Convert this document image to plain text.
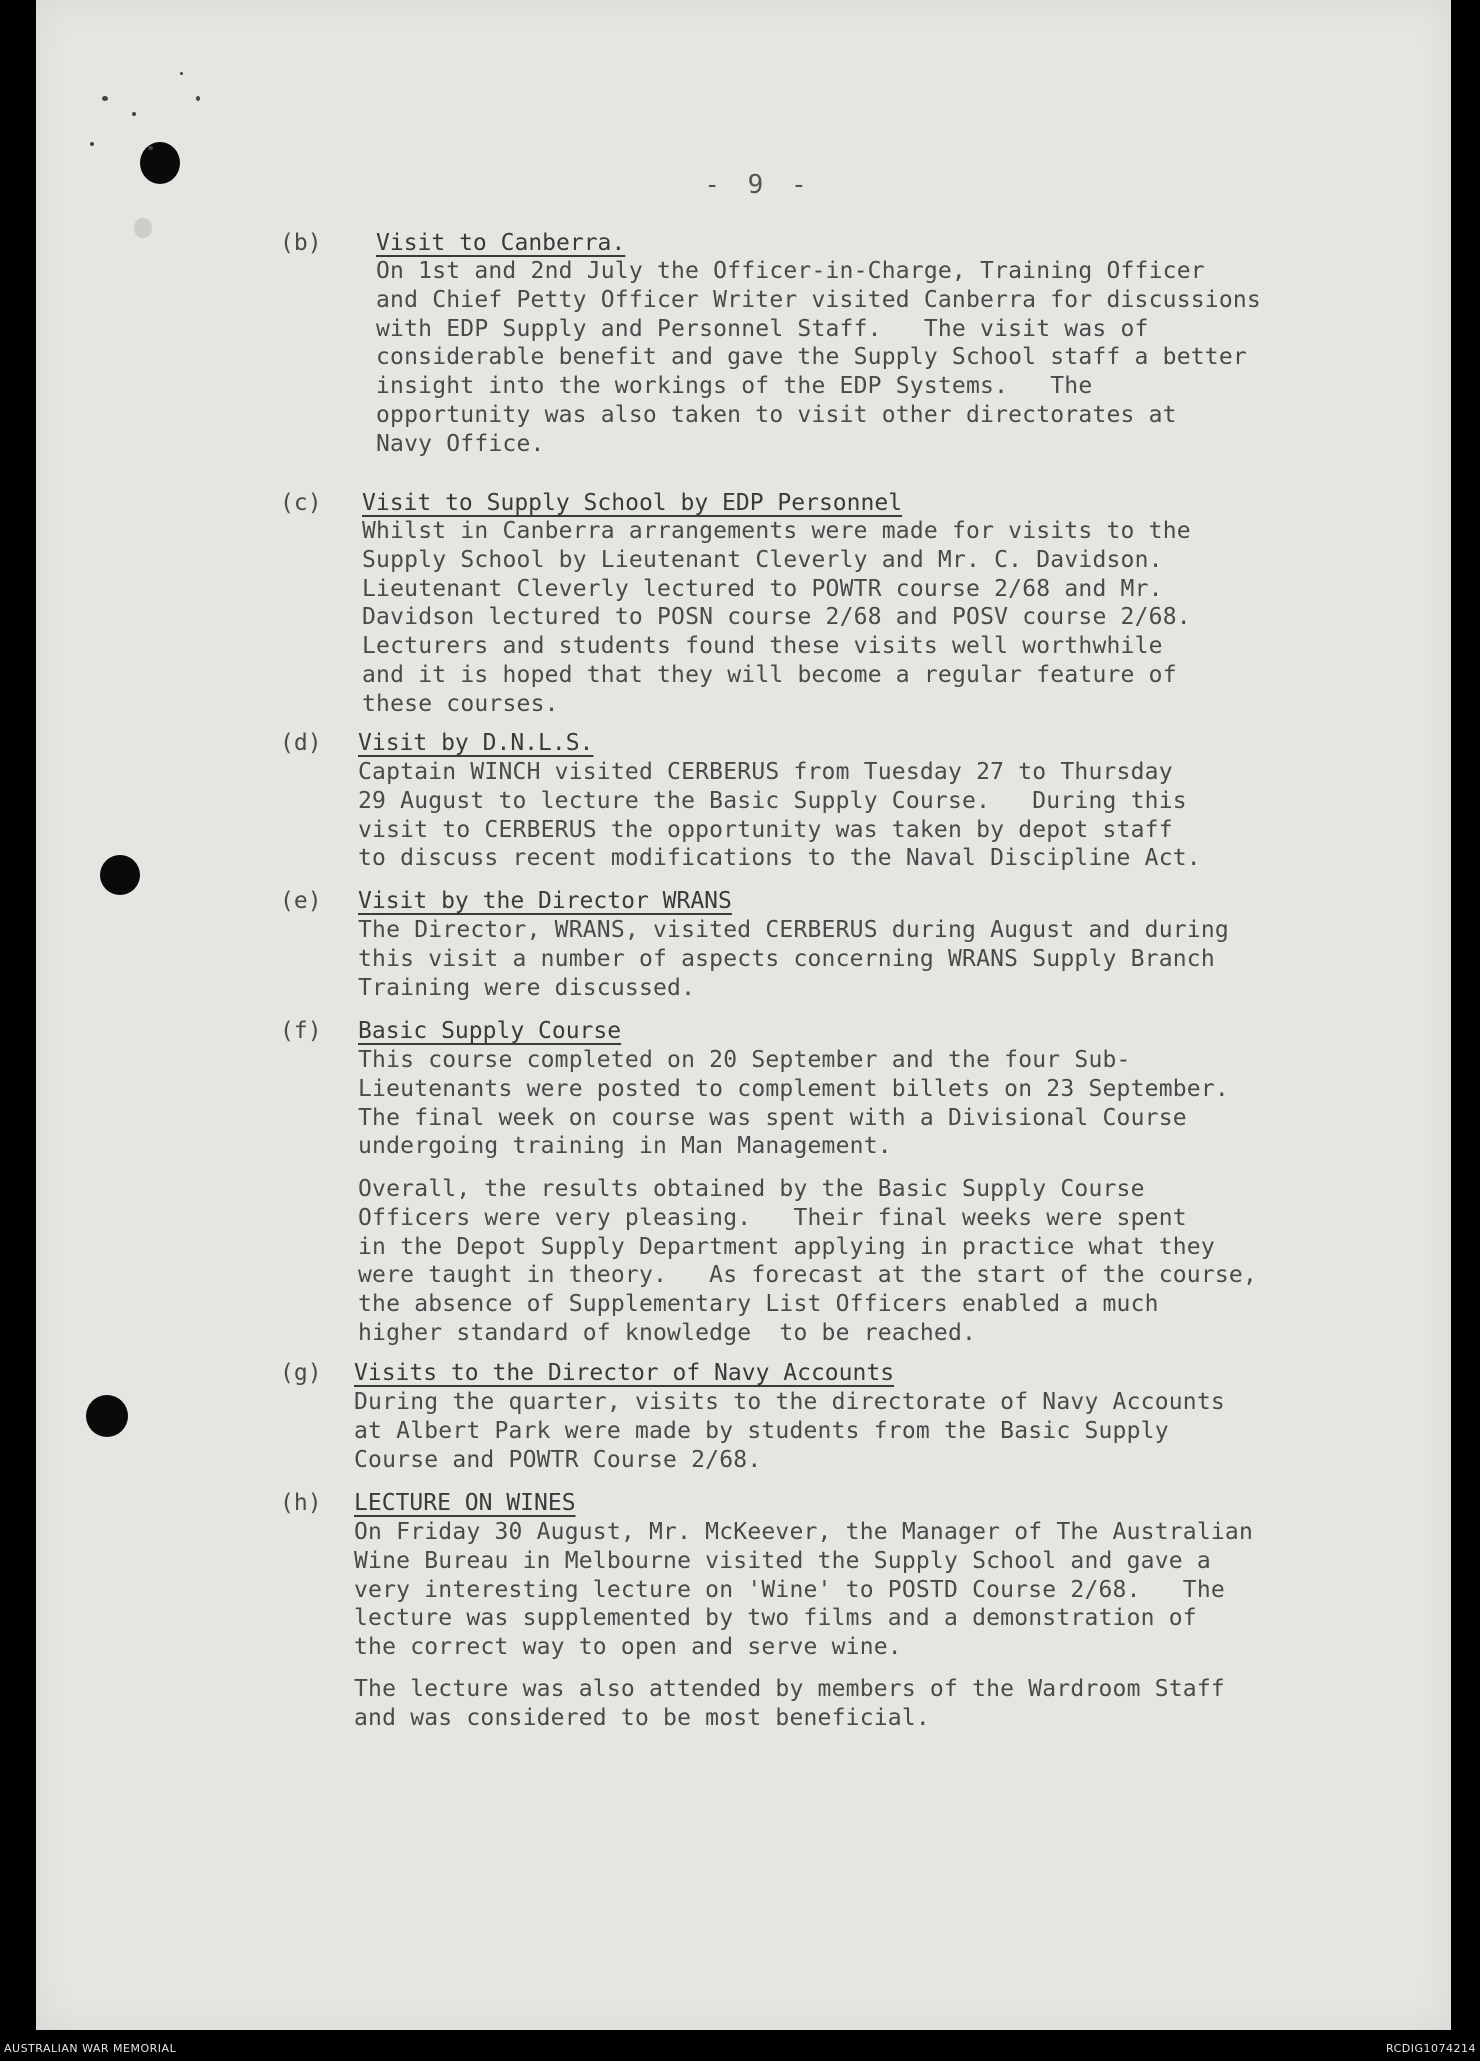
- 9 -
(b) Visit to Canberra.
On 1st and 2nd July the Officer-in-Charge, Training Officer
and Chief Petty Officer Writer visited Canberra for discussions
with EDP Supply and Personnel Staff.   The visit was of
considerable benefit and gave the Supply School staff a better
insight into the workings of the EDP Systems.   The
opportunity was also taken to visit other directorates at
Navy Office.
(c) Visit to Supply School by EDP Personnel
Whilst in Canberra arrangements were made for visits to the
Supply School by Lieutenant Cleverly and Mr. C. Davidson.
Lieutenant Cleverly lectured to POWTR course 2/68 and Mr.
Davidson lectured to POSN course 2/68 and POSV course 2/68.
Lecturers and students found these visits well worthwhile
and it is hoped that they will become a regular feature of
these courses.
(d) Visit by D.N.L.S.
Captain WINCH visited CERBERUS from Tuesday 27 to Thursday
29 August to lecture the Basic Supply Course.   During this
visit to CERBERUS the opportunity was taken by depot staff
to discuss recent modifications to the Naval Discipline Act.
(e) Visit by the Director WRANS
The Director, WRANS, visited CERBERUS during August and during
this visit a number of aspects concerning WRANS Supply Branch
Training were discussed.
(f) Basic Supply Course
This course completed on 20 September and the four Sub-
Lieutenants were posted to complement billets on 23 September.
The final week on course was spent with a Divisional Course
undergoing training in Man Management.
Overall, the results obtained by the Basic Supply Course
Officers were very pleasing.   Their final weeks were spent
in the Depot Supply Department applying in practice what they
were taught in theory.   As forecast at the start of the course,
the absence of Supplementary List Officers enabled a much
higher standard of knowledge  to be reached.
(g) Visits to the Director of Navy Accounts
During the quarter, visits to the directorate of Navy Accounts
at Albert Park were made by students from the Basic Supply
Course and POWTR Course 2/68.
(h) LECTURE ON WINES
On Friday 30 August, Mr. McKeever, the Manager of The Australian
Wine Bureau in Melbourne visited the Supply School and gave a
very interesting lecture on 'Wine' to POSTD Course 2/68.   The
lecture was supplemented by two films and a demonstration of
the correct way to open and serve wine.
The lecture was also attended by members of the Wardroom Staff
and was considered to be most beneficial.
AUSTRALIAN WAR MEMORIAL	RCDIG1074214
